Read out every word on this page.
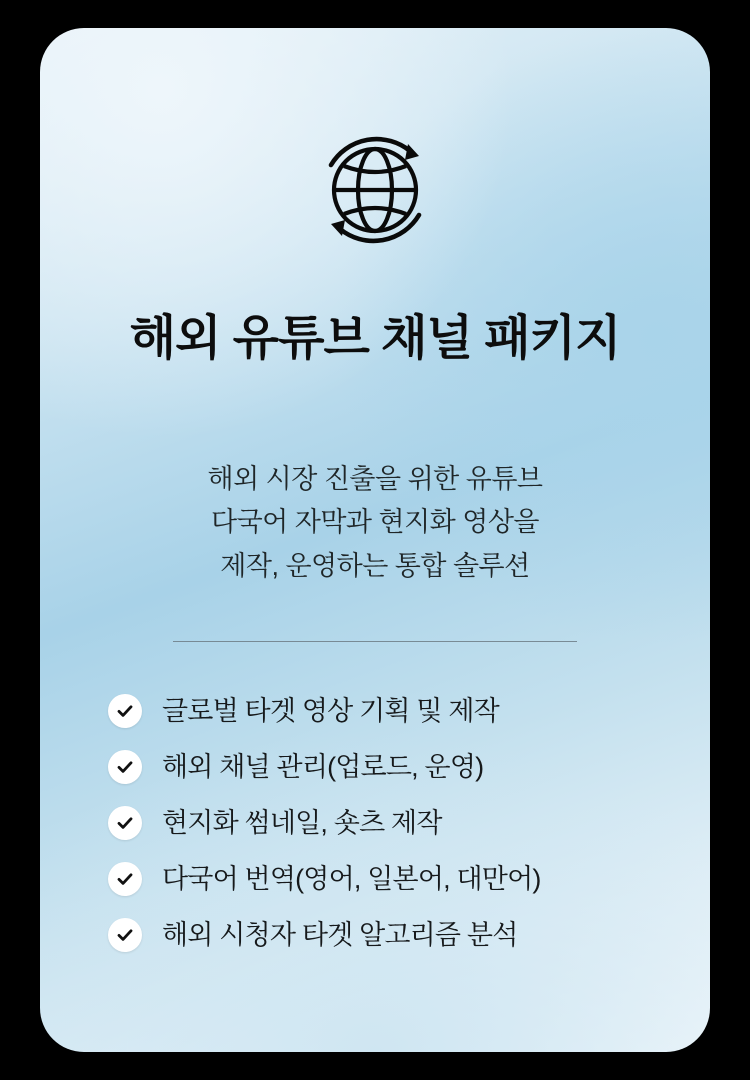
해외 유튜브 채널 패키지
해외 시장 진출을 위한 유튜브
다국어 자막과 현지화 영상을
제작, 운영하는 통합 솔루션
글로벌 타겟 영상 기획 및 제작
해외 채널 관리(업로드, 운영)
현지화 썸네일, 숏츠 제작
다국어 번역(영어, 일본어, 대만어)
해외 시청자 타겟 알고리즘 분석
